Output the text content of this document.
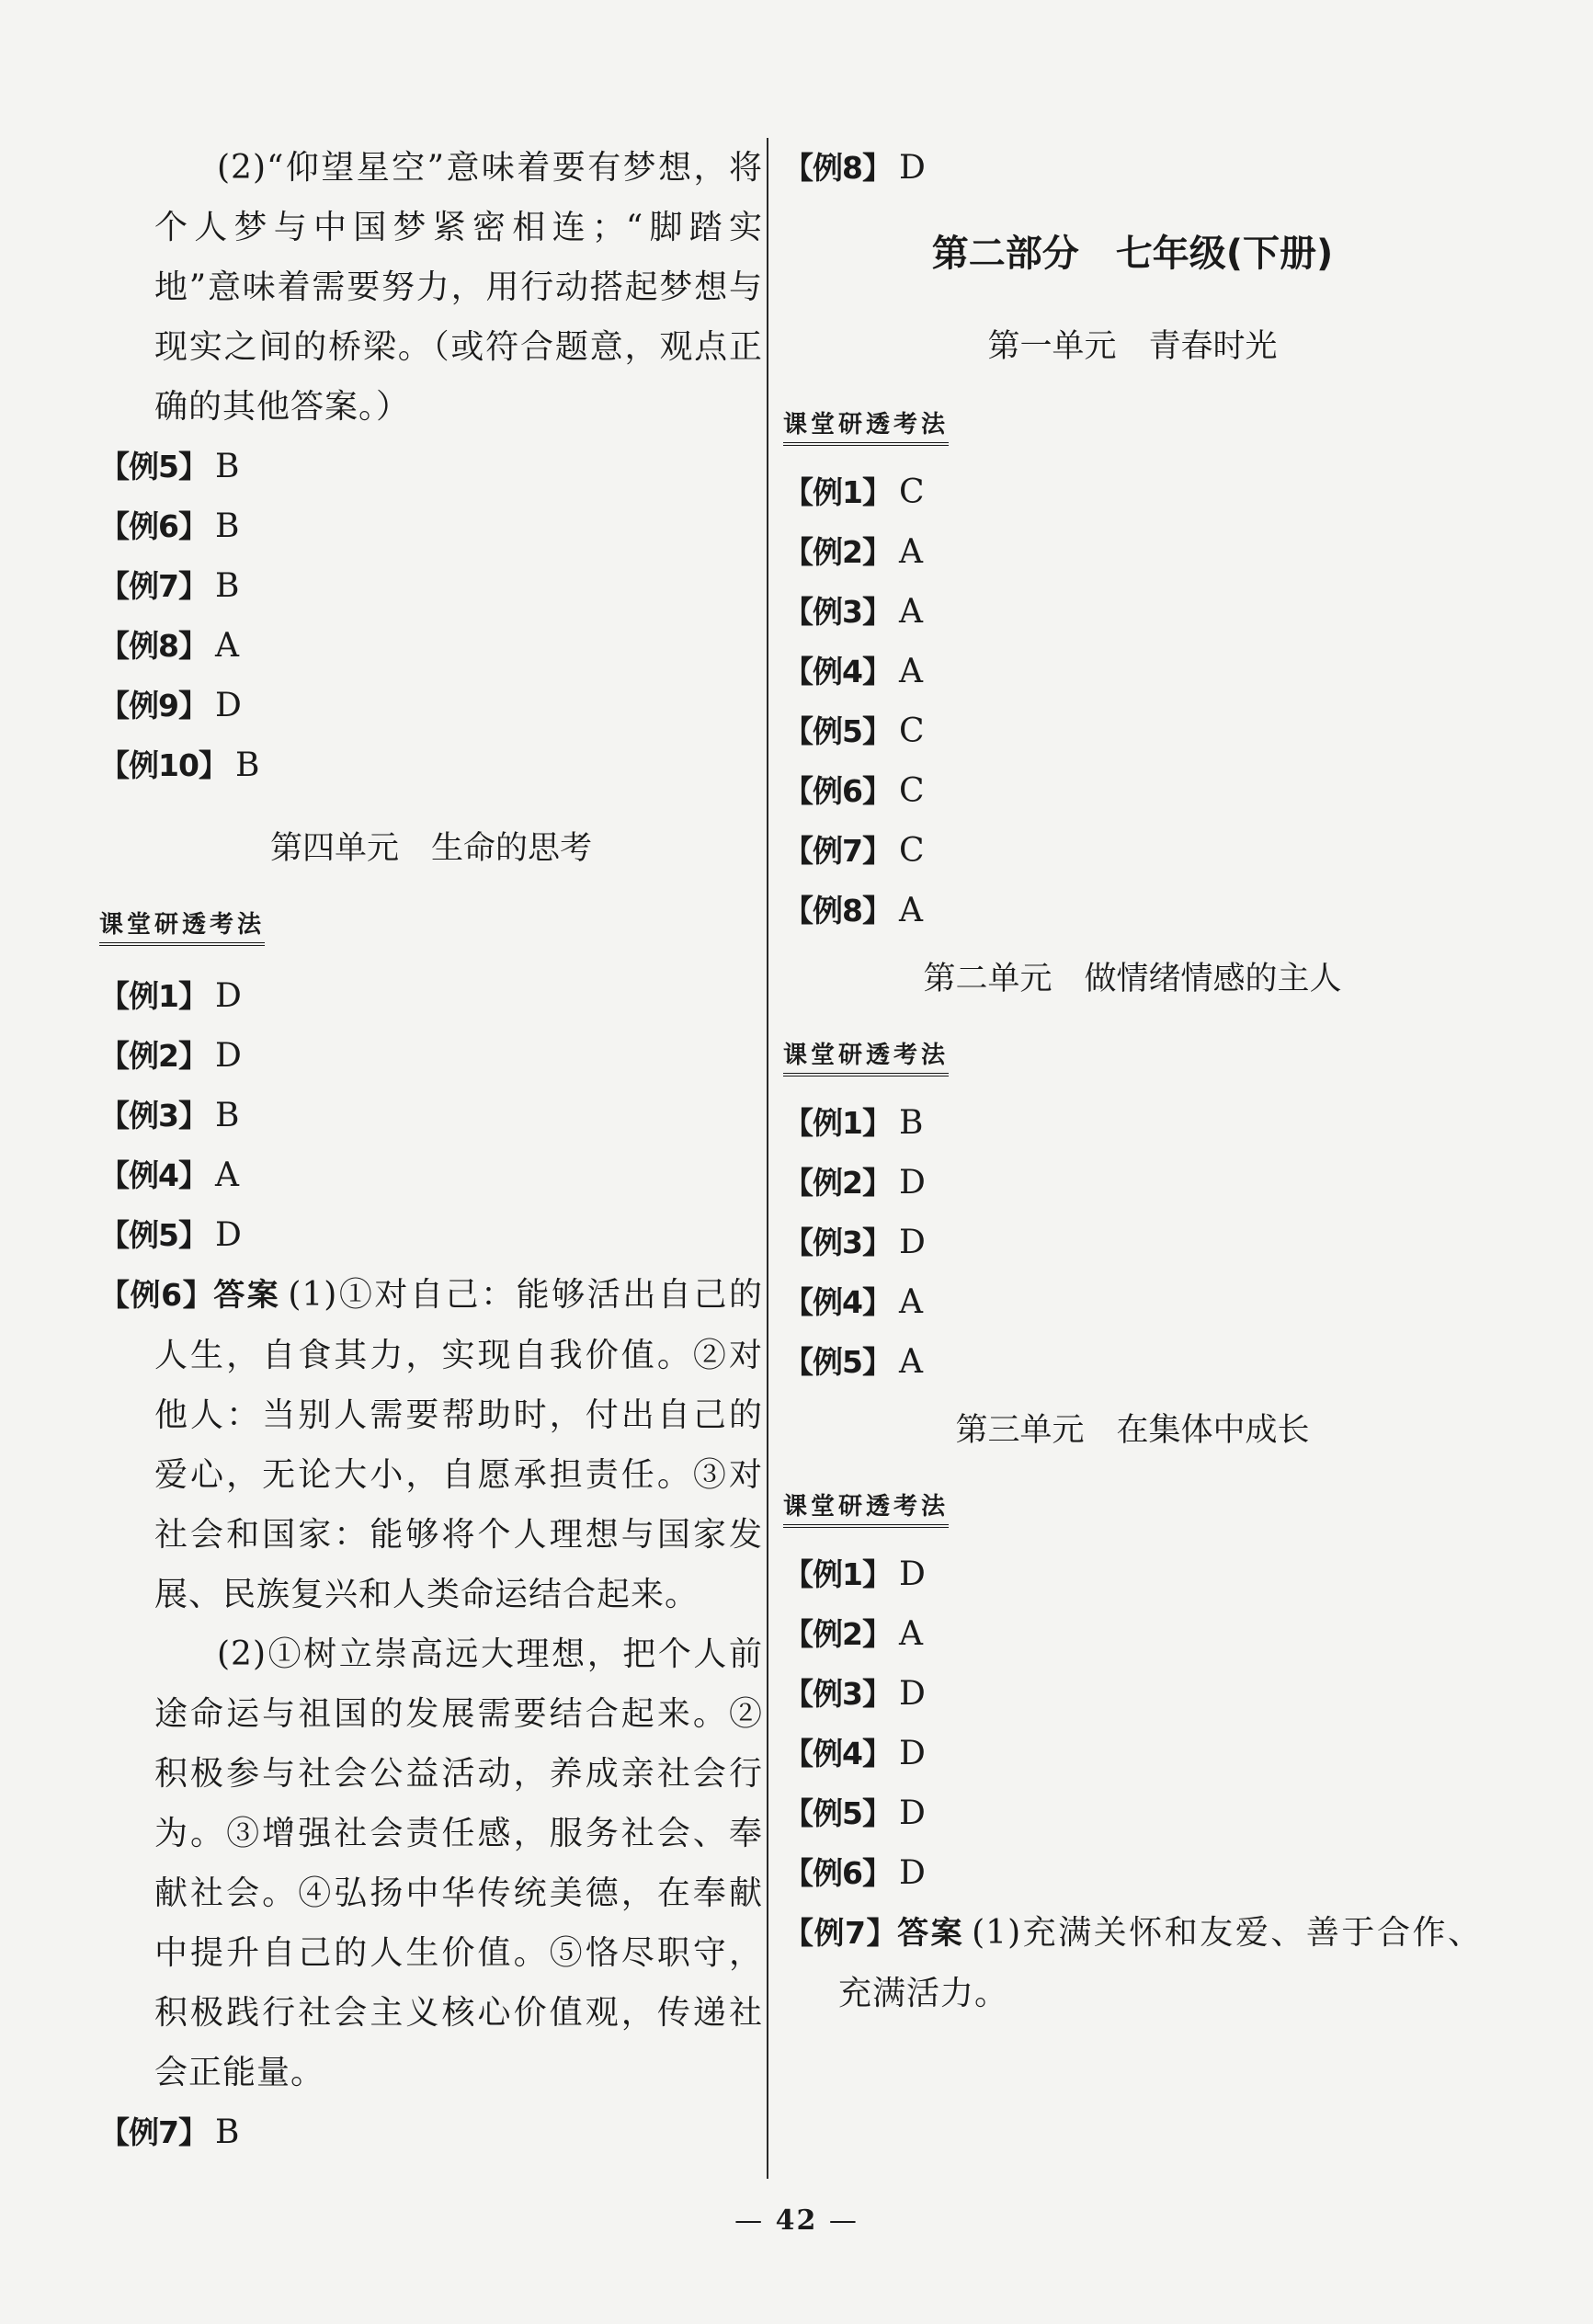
(2)“仰望星空”意味着要有梦想，将个人梦与中国梦紧密相连；“脚踏实地”意味着需要努力，用行动搭起梦想与现实之间的桥梁。（或符合题意，观点正确的其他答案。）

【例5】 B
【例6】 B
【例7】 B
【例8】 A
【例9】 D
【例10】 B
第四单元　生命的思考
课堂研透考法
【例1】 D
【例2】 D
【例3】 B
【例4】 A
【例5】 D
【例6】答案 (1)①对自己：能够活出自己的人生，自食其力，实现自我价值。②对他人：当别人需要帮助时，付出自己的爱心，无论大小，自愿承担责任。③对社会和国家：能够将个人理想与国家发展、民族复兴和人类命运结合起来。

(2)①树立崇高远大理想，把个人前途命运与祖国的发展需要结合起来。②积极参与社会公益活动，养成亲社会行为。③增强社会责任感，服务社会、奉献社会。④弘扬中华传统美德，在奉献中提升自己的人生价值。⑤恪尽职守，积极践行社会主义核心价值观，传递社会正能量。

【例7】 B
【例8】 D
第二部分　七年级(下册)
第一单元　青春时光
课堂研透考法
【例1】 C
【例2】 A
【例3】 A
【例4】 A
【例5】 C
【例6】 C
【例7】 C
【例8】 A
第二单元　做情绪情感的主人
课堂研透考法
【例1】 B
【例2】 D
【例3】 D
【例4】 A
【例5】 A
第三单元　在集体中成长
课堂研透考法
【例1】 D
【例2】 A
【例3】 D
【例4】 D
【例5】 D
【例6】 D
【例7】答案 (1)充满关怀和友爱、善于合作、充满活力。
— 42 —
